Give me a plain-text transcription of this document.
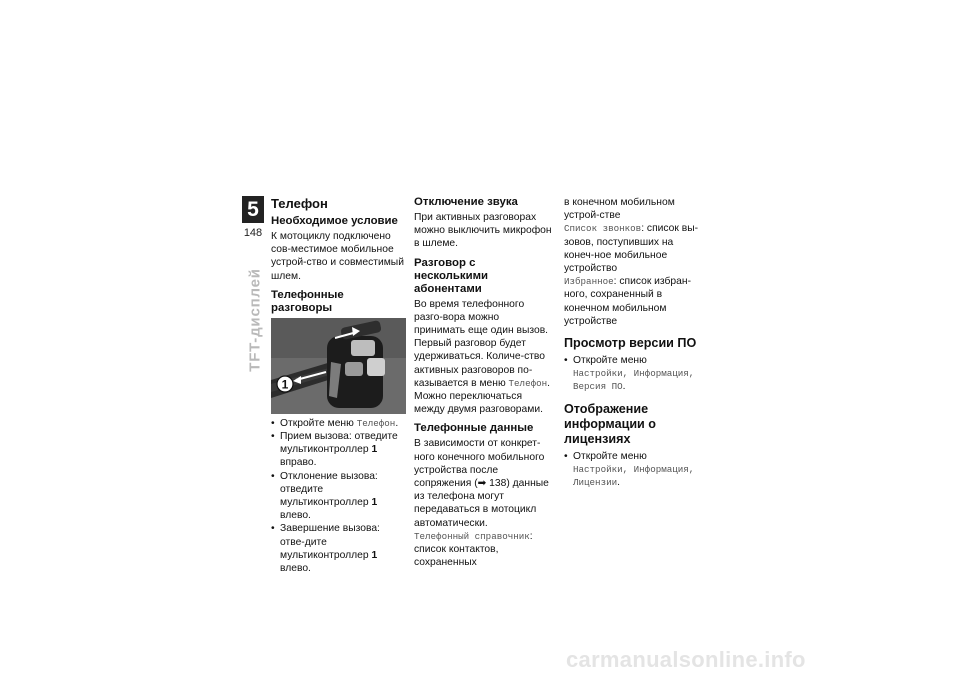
5
148
TFT-дисплей
Телефон
Необходимое условие

К мотоциклу подключено сов-местимое мобильное устрой-ство и совместимый шлем.

Телефонные разговоры
1
• Откройте меню Телефон.
• Прием вызова: отведите мультиконтроллер 1 вправо.
• Отклонение вызова: отведите мультиконтроллер 1 влево.
• Завершение вызова: отве-дите мультиконтроллер 1 влево.
Отключение звука

При активных разговорах можно выключить микрофон в шлеме.

Разговор с несколькими абонентами

Во время телефонного разго-вора можно принимать еще один вызов. Первый разговор будет удерживаться. Количе-ство активных разговоров по-казывается в меню Телефон. Можно переключаться между двумя разговорами.

Телефонные данные

В зависимости от конкрет-ного конечного мобильного устройства после сопряжения (➡ 138) данные из телефона могут передаваться в мотоцикл автоматически.

Телефонный справочник: список контактов, сохраненных

в конечном мобильном устрой-стве

Список звонков: список вы-зовов, поступивших на конеч-ное мобильное устройство

Избранное: список избран-ного, сохраненный в конечном мобильном устройстве

Просмотр версии ПО
• Откройте меню Настройки, Информация, Версия ПО.
Отображение информации о лицензиях
• Откройте меню Настройки, Информация, Лицензии.
carmanualsonline.info
